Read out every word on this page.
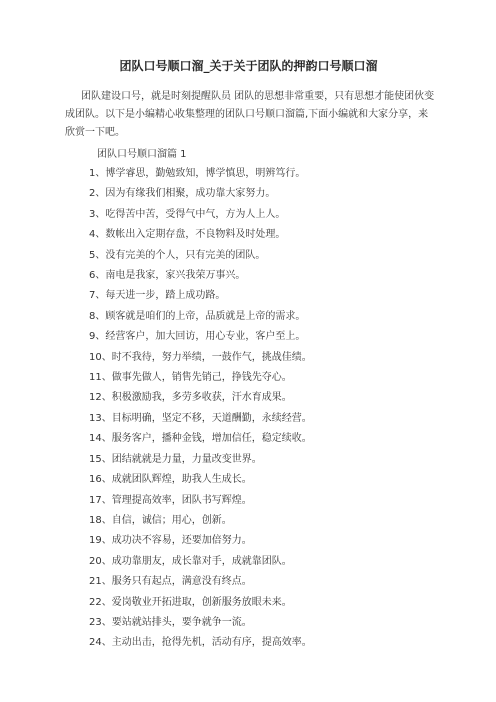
团队口号顺口溜_关于关于团队的押韵口号顺口溜

团队建设口号，就是时刻提醒队员 团队的思想非常重要，只有思想才能使团伙变成团队。以下是小编精心收集整理的团队口号顺口溜篇,下面小编就和大家分享，来欣赏一下吧。

团队口号顺口溜篇 1
1、博学睿思，勤勉致知，博学慎思，明辨笃行。
2、因为有缘我们相聚，成功靠大家努力。
3、吃得苦中苦，受得气中气，方为人上人。
4、数帐出入定期存盘，不良物料及时处理。
5、没有完美的个人，只有完美的团队。
6、南电是我家，家兴我荣万事兴。
7、每天进一步，踏上成功路。
8、顾客就是咱们的上帝，品质就是上帝的需求。
9、经营客户，加大回访，用心专业，客户至上。
10、时不我待，努力举绩，一鼓作气，挑战佳绩。
11、做事先做人，销售先销己，挣钱先夺心。
12、积极激励我，多劳多收获，汗水育成果。
13、目标明确，坚定不移，天道酬勤，永续经营。
14、服务客户，播种金钱，增加信任，稳定续收。
15、团结就就是力量，力量改变世界。
16、成就团队辉煌，助我人生成长。
17、管理提高效率，团队书写辉煌。
18、自信，诚信；用心，创新。
19、成功决不容易，还要加倍努力。
20、成功靠朋友，成长靠对手，成就靠团队。
21、服务只有起点，满意没有终点。
22、爱岗敬业开拓进取，创新服务放眼未来。
23、要站就站排头，要争就争一流。
24、主动出击，抢得先机，活动有序，提高效率。
